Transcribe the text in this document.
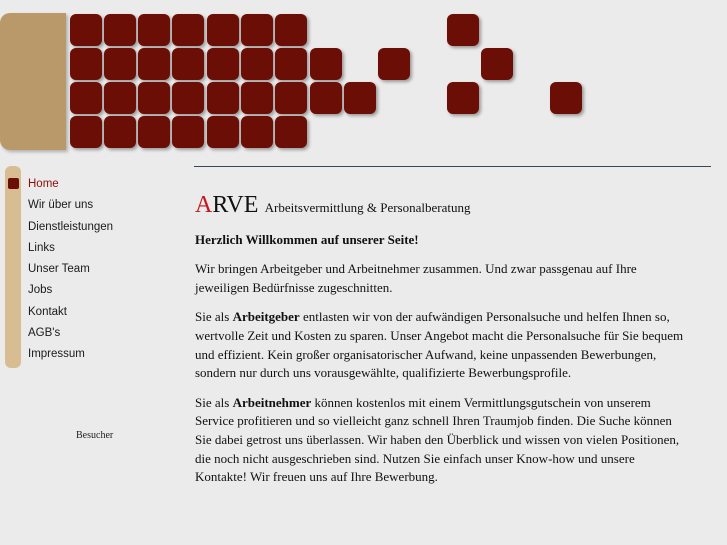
Home
Wir über uns
Dienstleistungen
Links
Unser Team
Jobs
Kontakt
AGB's
Impressum
Besucher
ARVE Arbeitsvermittlung & Personalberatung

Herzlich Willkommen auf unserer Seite!

Wir bringen Arbeitgeber und Arbeitnehmer zusammen. Und zwar passgenau auf Ihre jeweiligen Bedürfnisse zugeschnitten.

Sie als Arbeitgeber entlasten wir von der aufwändigen Personalsuche und helfen Ihnen so, wertvolle Zeit und Kosten zu sparen. Unser Angebot macht die Personalsuche für Sie bequem und effizient. Kein großer organisatorischer Aufwand, keine unpassenden Bewerbungen, sondern nur durch uns vorausgewählte, qualifizierte Bewerbungsprofile.

Sie als Arbeitnehmer können kostenlos mit einem Vermittlungsgutschein von unserem Service profitieren und so vielleicht ganz schnell Ihren Traumjob finden. Die Suche können Sie dabei getrost uns überlassen. Wir haben den Überblick und wissen von vielen Positionen, die noch nicht ausgeschrieben sind. Nutzen Sie einfach unser Know-how und unsere Kontakte! Wir freuen uns auf Ihre Bewerbung.
